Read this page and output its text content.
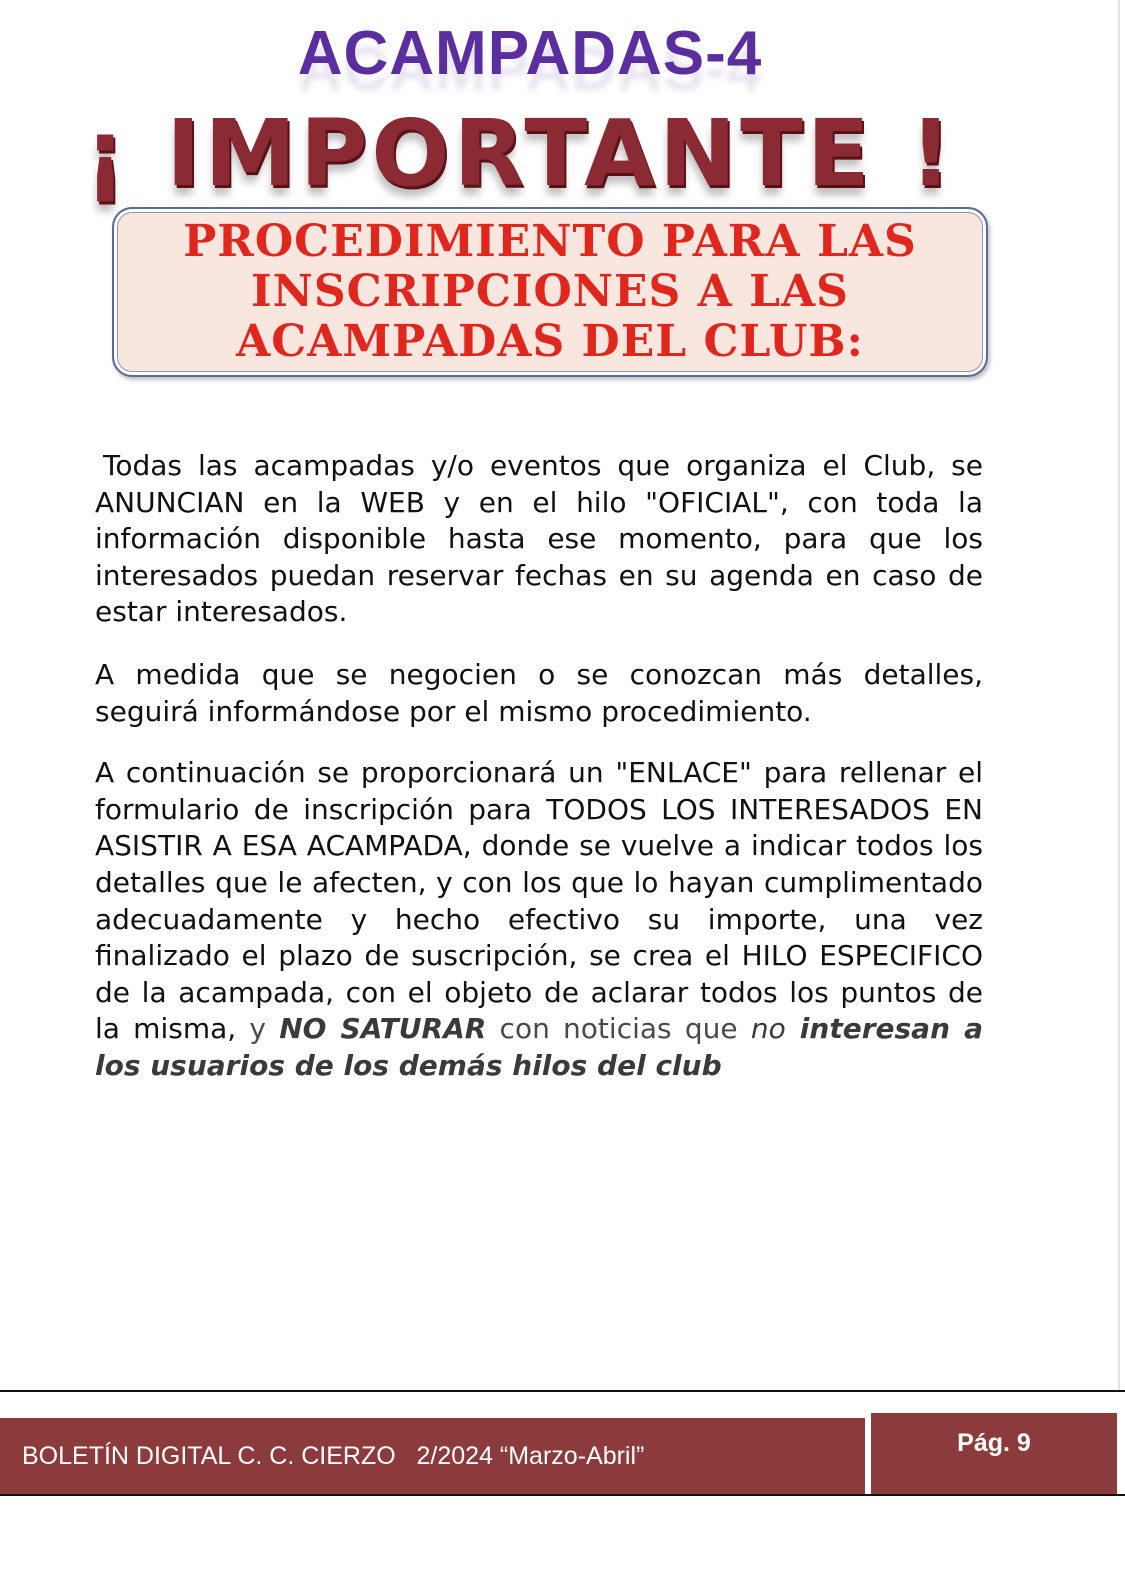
ACAMPADAS-4
¡ IMPORTANTE !
PROCEDIMIENTO PARA LAS
INSCRIPCIONES A LAS
ACAMPADAS DEL CLUB:

Todas las acampadas y/o eventos que organiza el Club, se ANUNCIAN en la WEB y en el hilo "OFICIAL", con toda la información disponible hasta ese momento, para que los interesados puedan reservar fechas en su agenda en caso de estar interesados.

A medida que se negocien o se conozcan más detalles, seguirá informándose por el mismo procedimiento.

A continuación se proporcionará un "ENLACE" para rellenar el formulario de inscripción para TODOS LOS INTERESADOS EN ASISTIR A ESA ACAMPADA, donde se vuelve a indicar todos los detalles que le afecten, y con los que lo hayan cumplimentado adecuadamente y hecho efectivo su importe, una vez finalizado el plazo de suscripción, se crea el HILO ESPECIFICO de la acampada, con el objeto de aclarar todos los puntos de la misma, y NO SATURAR con noticias que no interesan a los usuarios de los demás hilos del club

BOLETÍN DIGITAL C. C. CIERZO   2/2024 “Marzo-Abril”	Pág. 9
